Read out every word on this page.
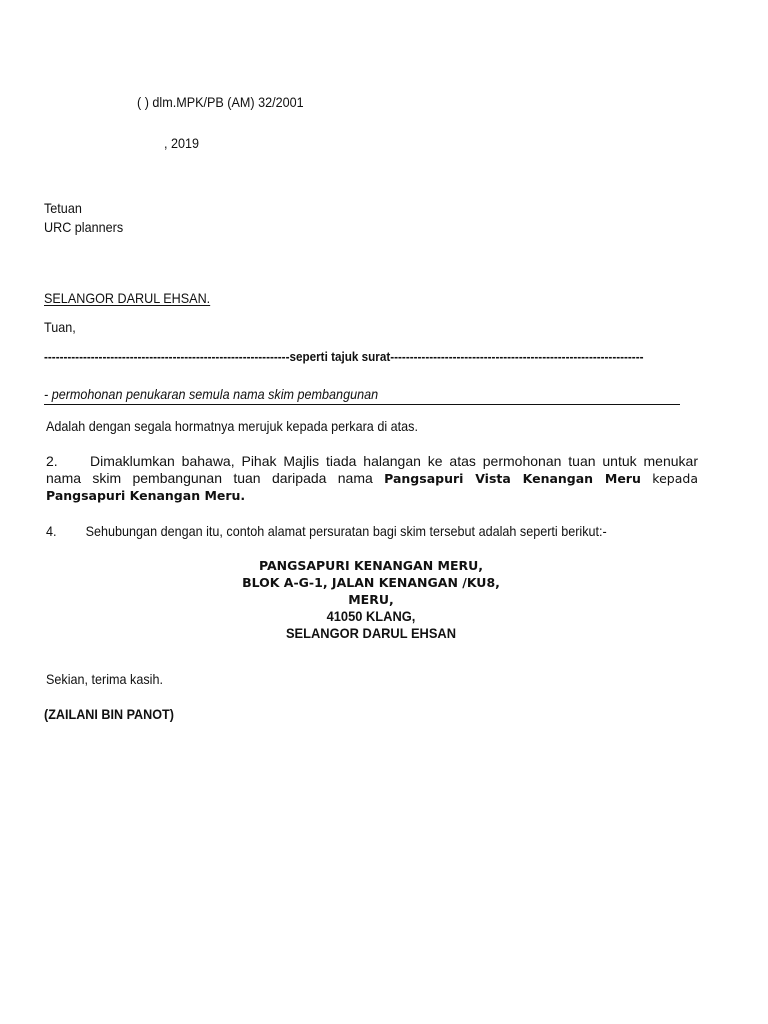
( ) dlm.MPK/PB (AM) 32/2001
, 2019
Tetuan
URC planners
SELANGOR DARUL EHSAN.
Tuan,
---------------------------------------------------------------seperti tajuk surat-----------------------------------------------------------------
- permohonan penukaran semula nama skim pembangunan
Adalah dengan segala hormatnya merujuk kepada perkara di atas.
2. Dimaklumkan bahawa, Pihak Majlis tiada halangan ke atas permohonan tuan untuk menukar nama skim pembangunan tuan daripada nama Pangsapuri Vista Kenangan Meru kepada Pangsapuri Kenangan Meru.
4. Sehubungan dengan itu, contoh alamat persuratan bagi skim tersebut adalah seperti berikut:-
PANGSAPURI KENANGAN MERU,
BLOK A-G-1, JALAN KENANGAN /KU8,
MERU,
41050 KLANG,
SELANGOR DARUL EHSAN
Sekian, terima kasih.
(ZAILANI BIN PANOT)
